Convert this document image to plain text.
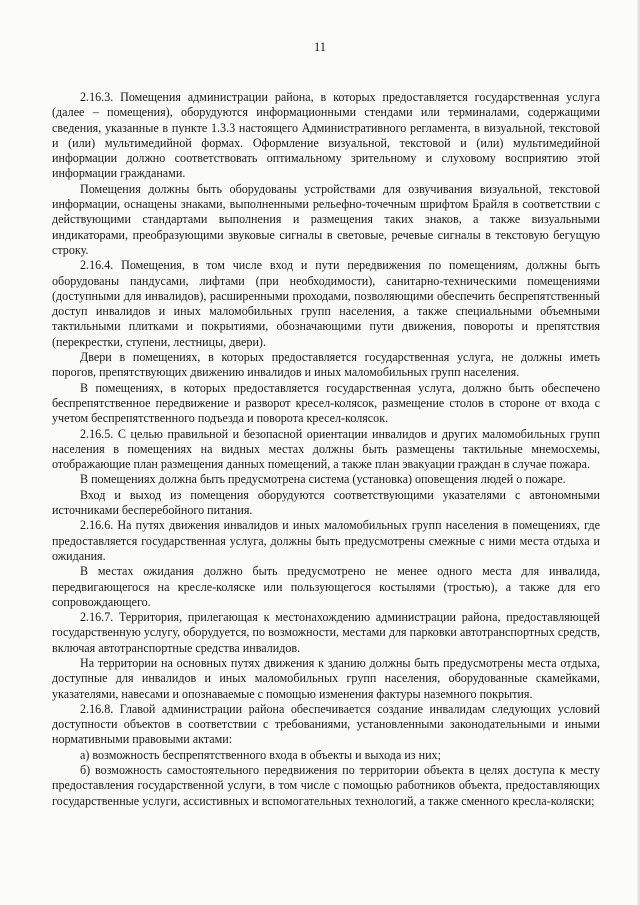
11

2.16.3. Помещения администрации района, в которых предоставляется государственная услуга (далее – помещения), оборудуются информационными стендами или терминалами, содержащими сведения, указанные в пункте 1.3.3 настоящего Административного регламента, в визуальной, текстовой и (или) мультимедийной формах. Оформление визуальной, текстовой и (или) мультимедийной информации должно соответствовать оптимальному зрительному и слуховому восприятию этой информации гражданами.

Помещения должны быть оборудованы устройствами для озвучивания визуальной, текстовой информации, оснащены знаками, выполненными рельефно-точечным шрифтом Брайля в соответствии с действующими стандартами выполнения и размещения таких знаков, а также визуальными индикаторами, преобразующими звуковые сигналы в световые, речевые сигналы в текстовую бегущую строку.

2.16.4. Помещения, в том числе вход и пути передвижения по помещениям, должны быть оборудованы пандусами, лифтами (при необходимости), санитарно-техническими помещениями (доступными для инвалидов), расширенными проходами, позволяющими обеспечить беспрепятственный доступ инвалидов и иных маломобильных групп населения, а также специальными объемными тактильными плитками и покрытиями, обозначающими пути движения, повороты и препятствия (перекрестки, ступени, лестницы, двери).

Двери в помещениях, в которых предоставляется государственная услуга, не должны иметь порогов, препятствующих движению инвалидов и иных маломобильных групп населения.

В помещениях, в которых предоставляется государственная услуга, должно быть обеспечено беспрепятственное передвижение и разворот кресел-колясок, размещение столов в стороне от входа с учетом беспрепятственного подъезда и поворота кресел-колясок.

2.16.5. С целью правильной и безопасной ориентации инвалидов и других маломобильных групп населения в помещениях на видных местах должны быть размещены тактильные мнемосхемы, отображающие план размещения данных помещений, а также план эвакуации граждан в случае пожара.

В помещениях должна быть предусмотрена система (установка) оповещения людей о пожаре.

Вход и выход из помещения оборудуются соответствующими указателями с автономными источниками бесперебойного питания.

2.16.6. На путях движения инвалидов и иных маломобильных групп населения в помещениях, где предоставляется государственная услуга, должны быть предусмотрены смежные с ними места отдыха и ожидания.

В местах ожидания должно быть предусмотрено не менее одного места для инвалида, передвигающегося на кресле-коляске или пользующегося костылями (тростью), а также для его сопровождающего.

2.16.7. Территория, прилегающая к местонахождению администрации района, предоставляющей государственную услугу, оборудуется, по возможности, местами для парковки автотранспортных средств, включая автотранспортные средства инвалидов.

На территории на основных путях движения к зданию должны быть предусмотрены места отдыха, доступные для инвалидов и иных маломобильных групп населения, оборудованные скамейками, указателями, навесами и опознаваемые с помощью изменения фактуры наземного покрытия.

2.16.8. Главой администрации района обеспечивается создание инвалидам следующих условий доступности объектов в соответствии с требованиями, установленными законодательными и иными нормативными правовыми актами:

а) возможность беспрепятственного входа в объекты и выхода из них;

б) возможность самостоятельного передвижения по территории объекта в целях доступа к месту предоставления государственной услуги, в том числе с помощью работников объекта, предоставляющих государственные услуги, ассистивных и вспомогательных технологий, а также сменного кресла-коляски;
